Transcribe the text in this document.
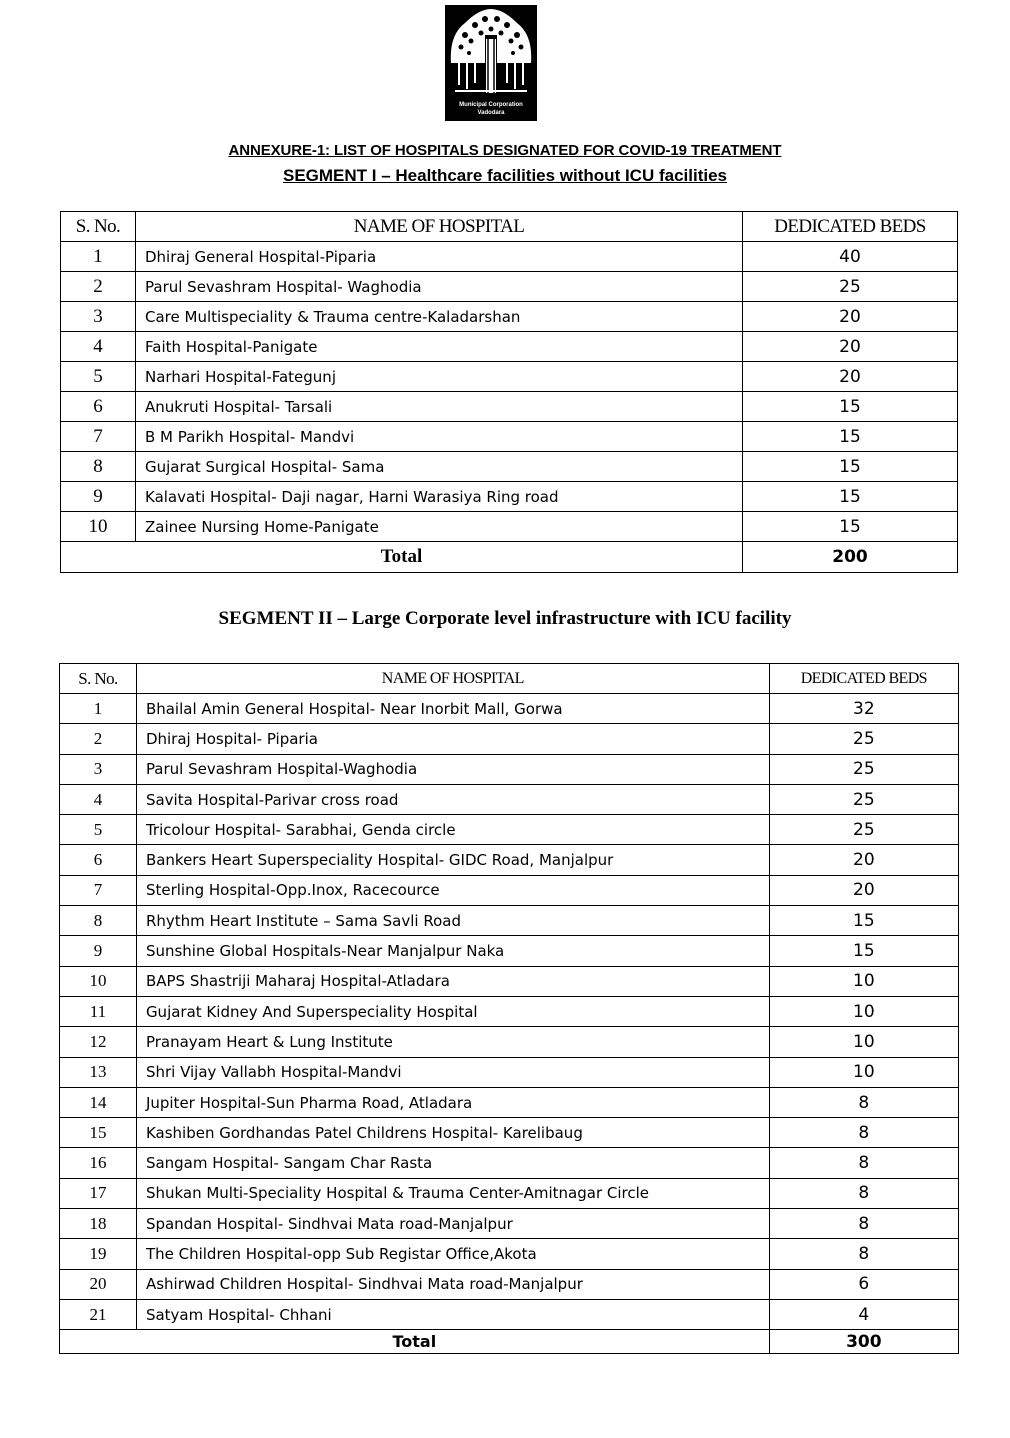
Municipal Corporation
Vadodara
ANNEXURE-1: LIST OF HOSPITALS DESIGNATED FOR COVID-19 TREATMENT
SEGMENT I – Healthcare facilities without ICU facilities
S. No.	NAME OF HOSPITAL	DEDICATED BEDS
1	Dhiraj General Hospital-Piparia	40
2	Parul Sevashram Hospital- Waghodia	25
3	Care Multispeciality & Trauma centre-Kaladarshan	20
4	Faith Hospital-Panigate	20
5	Narhari Hospital-Fategunj	20
6	Anukruti Hospital- Tarsali	15
7	B M Parikh Hospital- Mandvi	15
8	Gujarat Surgical Hospital- Sama	15
9	Kalavati Hospital- Daji nagar, Harni Warasiya Ring road	15
10	Zainee Nursing Home-Panigate	15
Total		200
SEGMENT II – Large Corporate level infrastructure with ICU facility
S. No.	NAME OF HOSPITAL	DEDICATED BEDS
1	Bhailal Amin General Hospital- Near Inorbit Mall, Gorwa	32
2	Dhiraj Hospital- Piparia	25
3	Parul Sevashram Hospital-Waghodia	25
4	Savita Hospital-Parivar cross road	25
5	Tricolour Hospital- Sarabhai, Genda circle	25
6	Bankers Heart Superspeciality Hospital- GIDC Road, Manjalpur	20
7	Sterling Hospital-Opp.Inox, Racecource	20
8	Rhythm Heart Institute – Sama Savli Road	15
9	Sunshine Global Hospitals-Near Manjalpur Naka	15
10	BAPS Shastriji Maharaj Hospital-Atladara	10
11	Gujarat Kidney And Superspeciality Hospital	10
12	Pranayam Heart & Lung Institute	10
13	Shri Vijay Vallabh Hospital-Mandvi	10
14	Jupiter Hospital-Sun Pharma Road, Atladara	8
15	Kashiben Gordhandas Patel Childrens Hospital- Karelibaug	8
16	Sangam Hospital- Sangam Char Rasta	8
17	Shukan Multi-Speciality Hospital & Trauma Center-Amitnagar Circle	8
18	Spandan Hospital- Sindhvai Mata road-Manjalpur	8
19	The Children Hospital-opp Sub Registar Office,Akota	8
20	Ashirwad Children Hospital- Sindhvai Mata road-Manjalpur	6
21	Satyam Hospital- Chhani	4
Total		300
